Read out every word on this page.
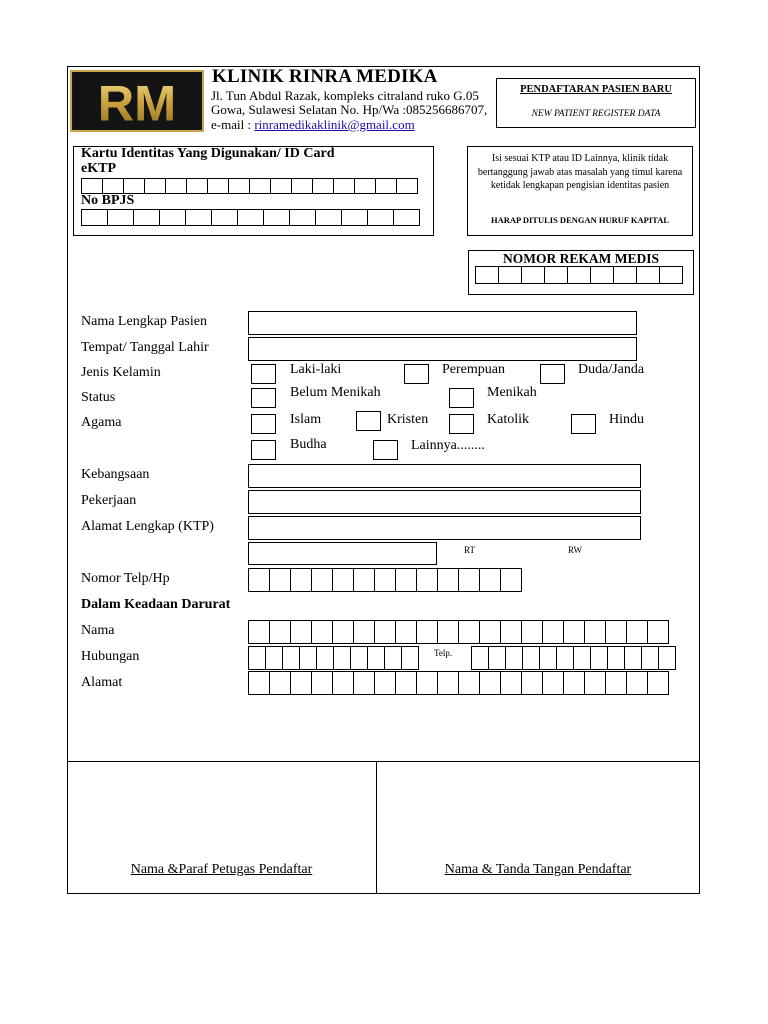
RM KLINIK RINRA MEDIKA
Jl. Tun Abdul Razak, kompleks citraland ruko G.05
Gowa, Sulawesi Selatan No. Hp/Wa :085256686707,
e-mail : rinramedikaklinik@gmail.com
PENDAFTARAN PASIEN BARU
NEW PATIENT REGISTER DATA
Kartu Identitas Yang Digunakan/ ID Card
eKTP
No BPJS
Isi sesuai KTP atau ID Lainnya, klinik tidak bertanggung jawab atas masalah yang timul karena ketidak lengkapan pengisian identitas pasien
HARAP DITULIS DENGAN HURUF KAPITAL
NOMOR REKAM MEDIS
Nama Lengkap Pasien
Tempat/ Tanggal Lahir
Jenis Kelamin	Laki-laki	Perempuan	Duda/Janda
Status	Belum Menikah	Menikah
Agama	Islam	Kristen	Katolik	Hindu
Budha	Lainnya........
Kebangsaan
Pekerjaan
Alamat Lengkap (KTP)
RT	RW
Nomor Telp/Hp
Dalam Keadaan Darurat
Nama
Hubungan	Telp.
Alamat
Nama &Paraf Petugas Pendaftar	Nama & Tanda Tangan Pendaftar
